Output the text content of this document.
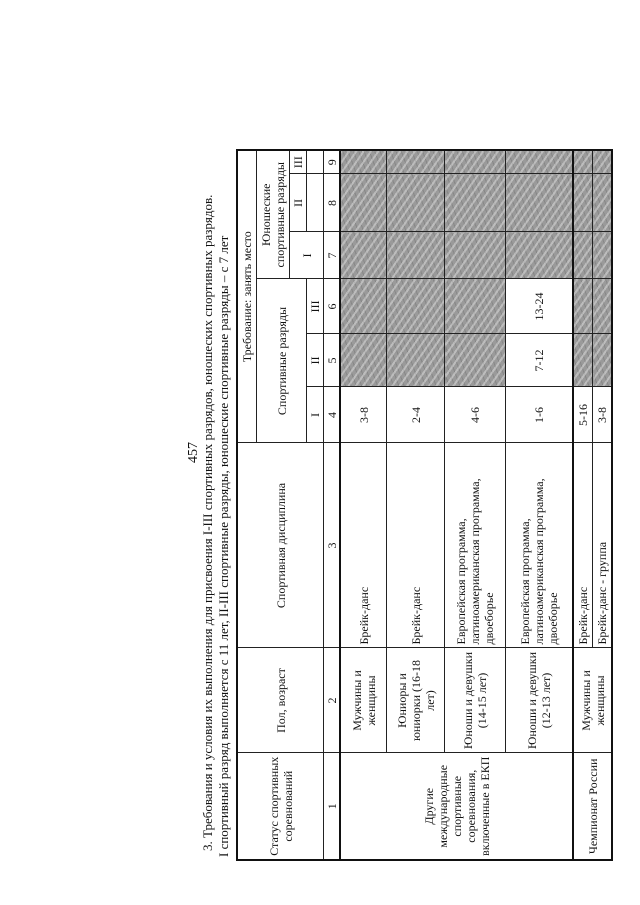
457 3. Требования и условия их выполнения для присвоения I-III спортивных разрядов, юношеских спортивных разрядов. I спортивный разряд выполняется с 11 лет, II-III спортивные разряды, юношеские спортивные разряды – с 7 лет	Статус спортивных соревнований	Пол, возраст	Спортивная дисциплина	Требование: занять место					
			Спортивные разряды			Юношеские спортивные разряды		
						I	II	III
			I	II	III			
1	2	3	4	5	6	7	8	9
Другие международные спортивные соревнования, включенные в ЕКП	Мужчины и женщины	Брейк-данс	3-8					
	Юниоры и юниорки (16-18 лет)	Брейк-данс	2-4					
	Юноши и девушки (14-15 лет)	Европейская программа, латиноамериканская программа, двоеборье	4-6					
	Юноши и девушки (12-13 лет)	Европейская программа, латиноамериканская программа, двоеборье	1-6	7-12	13-24			
Чемпионат России	Мужчины и женщины	Брейк-данс	5-16					
		Брейк-данс - группа	3-8					
